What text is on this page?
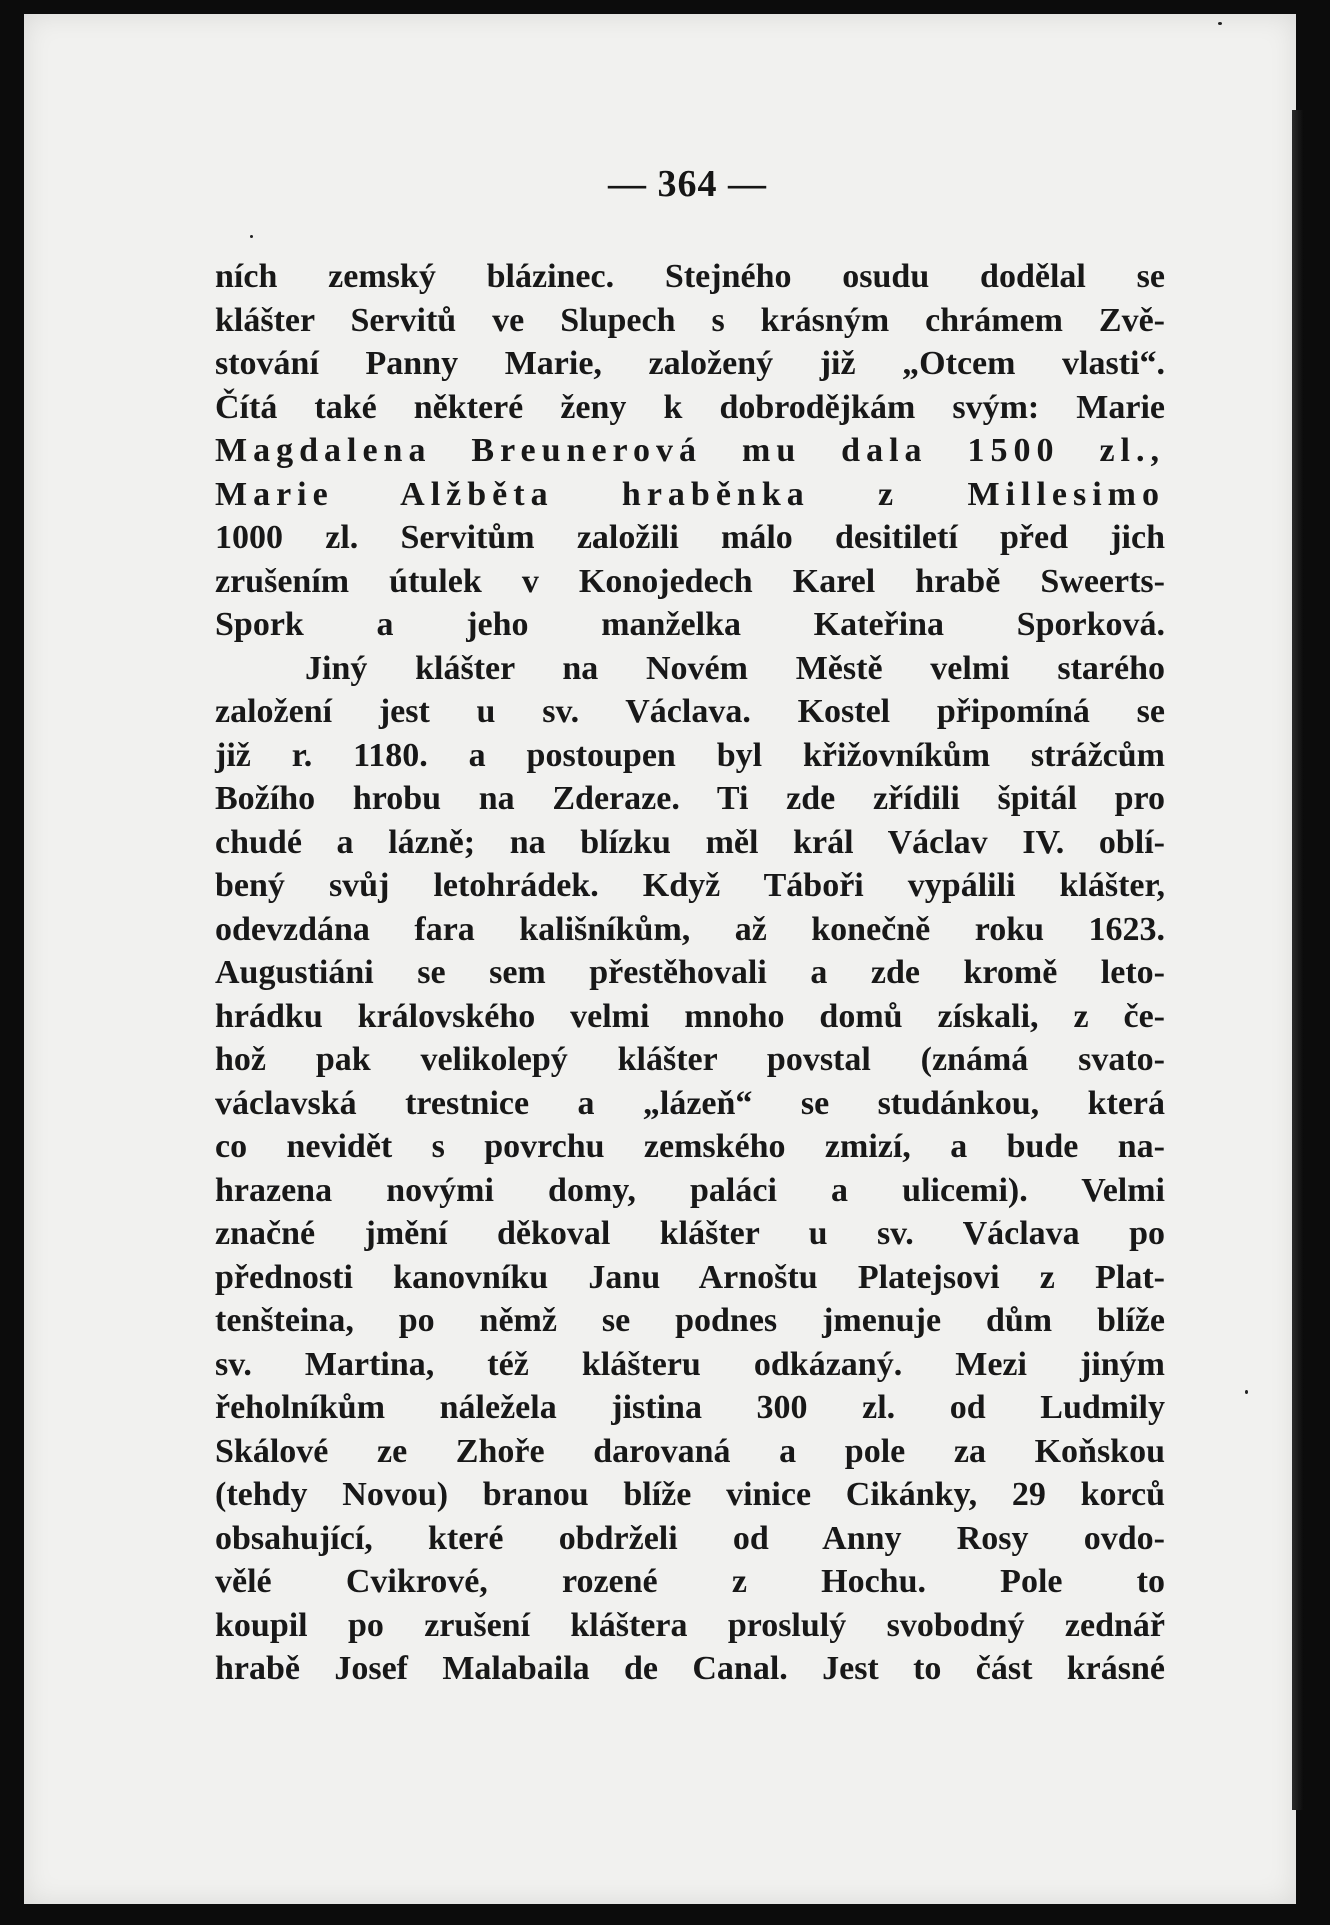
— 364 —
ních zemský blázinec. Stejného osudu dodělal se
klášter Servitů ve Slupech s krásným chrámem Zvě-
stování Panny Marie, založený již „Otcem vlasti“.
Čítá také některé ženy k dobrodějkám svým: Marie
Magdalena Breunerová mu dala 1500 zl.,
Marie Alžběta hraběnka z Millesimo
1000 zl. Servitům založili málo desitiletí před jich
zrušením útulek v Konojedech Karel hrabě Sweerts-
Spork a jeho manželka Kateřina Sporková.
Jiný klášter na Novém Městě velmi starého
založení jest u sv. Václava. Kostel připomíná se
již r. 1180. a postoupen byl křižovníkům strážcům
Božího hrobu na Zderaze. Ti zde zřídili špitál pro
chudé a lázně; na blízku měl král Václav IV. oblí-
bený svůj letohrádek. Když Táboři vypálili klášter,
odevzdána fara kališníkům, až konečně roku 1623.
Augustiáni se sem přestěhovali a zde kromě leto-
hrádku královského velmi mnoho domů získali, z če-
hož pak velikolepý klášter povstal (známá svato-
václavská trestnice a „lázeň“ se studánkou, která
co nevidět s povrchu zemského zmizí, a bude na-
hrazena novými domy, paláci a ulicemi). Velmi
značné jmění děkoval klášter u sv. Václava po
přednosti kanovníku Janu Arnoštu Platejsovi z Plat-
tenšteina, po němž se podnes jmenuje dům blíže
sv. Martina, též klášteru odkázaný. Mezi jiným
řeholníkům náležela jistina 300 zl. od Ludmily
Skálové ze Zhoře darovaná a pole za Koňskou
(tehdy Novou) branou blíže vinice Cikánky, 29 korců
obsahující, které obdrželi od Anny Rosy ovdo-
vělé Cvikrové, rozené z Hochu. Pole to
koupil po zrušení kláštera proslulý svobodný zednář
hrabě Josef Malabaila de Canal. Jest to část krásné
